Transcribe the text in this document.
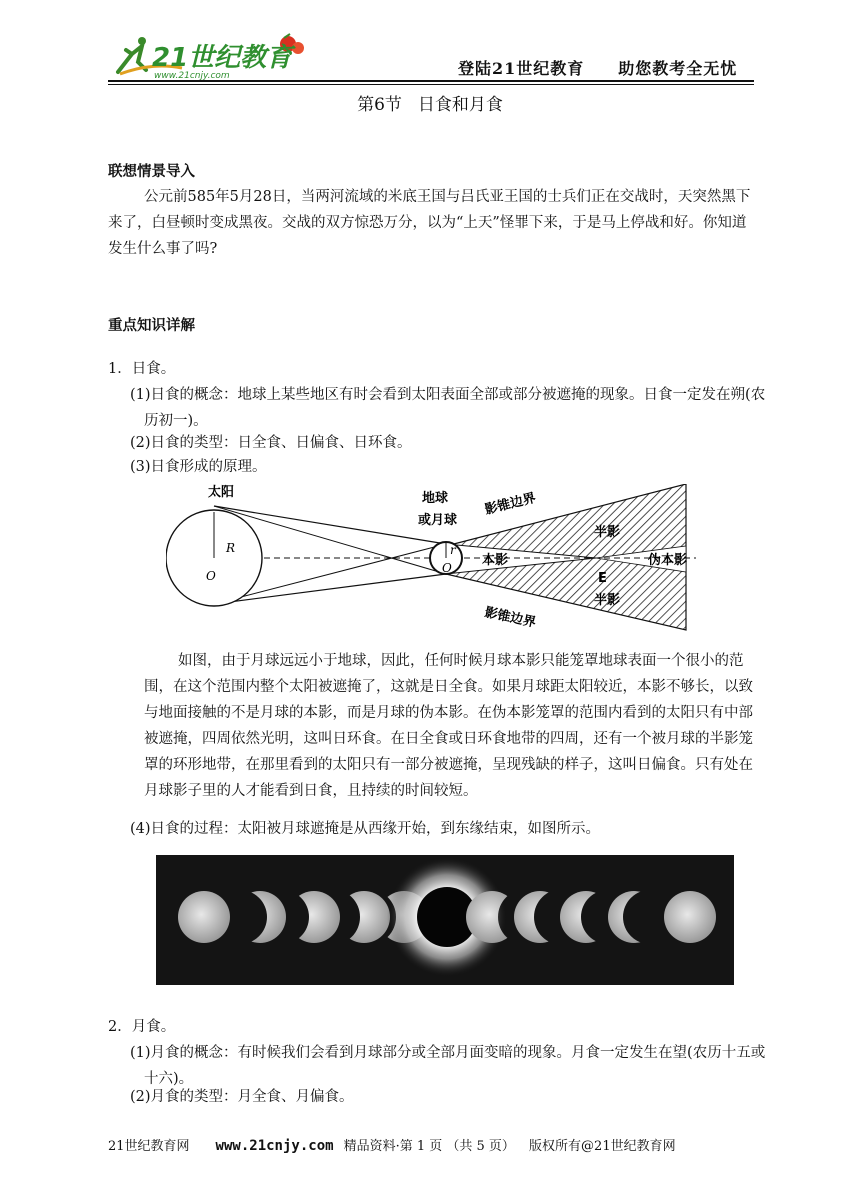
21世纪教育
www.21cnjy.com	登陆21世纪教育 助您教考全无忧
第6节 日食和月食
联想情景导入

公元前585年5月28日，当两河流域的米底王国与吕氏亚王国的士兵们正在交战时，天突然黑下来了，白昼顿时变成黑夜。交战的双方惊恐万分，以为“上天”怪罪下来，于是马上停战和好。你知道发生什么事了吗?

重点知识详解

1．日食。

(1)日食的概念：地球上某些地区有时会看到太阳表面全部或部分被遮掩的现象。日食一定发在朔(农历初一)。

(2)日食的类型：日全食、日偏食、日环食。

(3)日食形成的原理。

太阳
R
O
地球
或月球
r
O 本影
影锥边界
影锥边界
半影
半影
E
伪本影

如图，由于月球远远小于地球，因此，任何时候月球本影只能笼罩地球表面一个很小的范围，在这个范围内整个太阳被遮掩了，这就是日全食。如果月球距太阳较近，本影不够长，以致与地面接触的不是月球的本影，而是月球的伪本影。在伪本影笼罩的范围内看到的太阳只有中部被遮掩，四周依然光明，这叫日环食。在日全食或日环食地带的四周，还有一个被月球的半影笼罩的环形地带，在那里看到的太阳只有一部分被遮掩，呈现残缺的样子，这叫日偏食。只有处在月球影子里的人才能看到日食，且持续的时间较短。

(4)日食的过程：太阳被月球遮掩是从西缘开始，到东缘结束，如图所示。

2．月食。

(1)月食的概念：有时候我们会看到月球部分或全部月面变暗的现象。月食一定发生在望(农历十五或十六)。

(2)月食的类型：月全食、月偏食。

21世纪教育网 www.21cnjy.com 精品资料·第 1 页 （共 5 页） 版权所有@21世纪教育网
